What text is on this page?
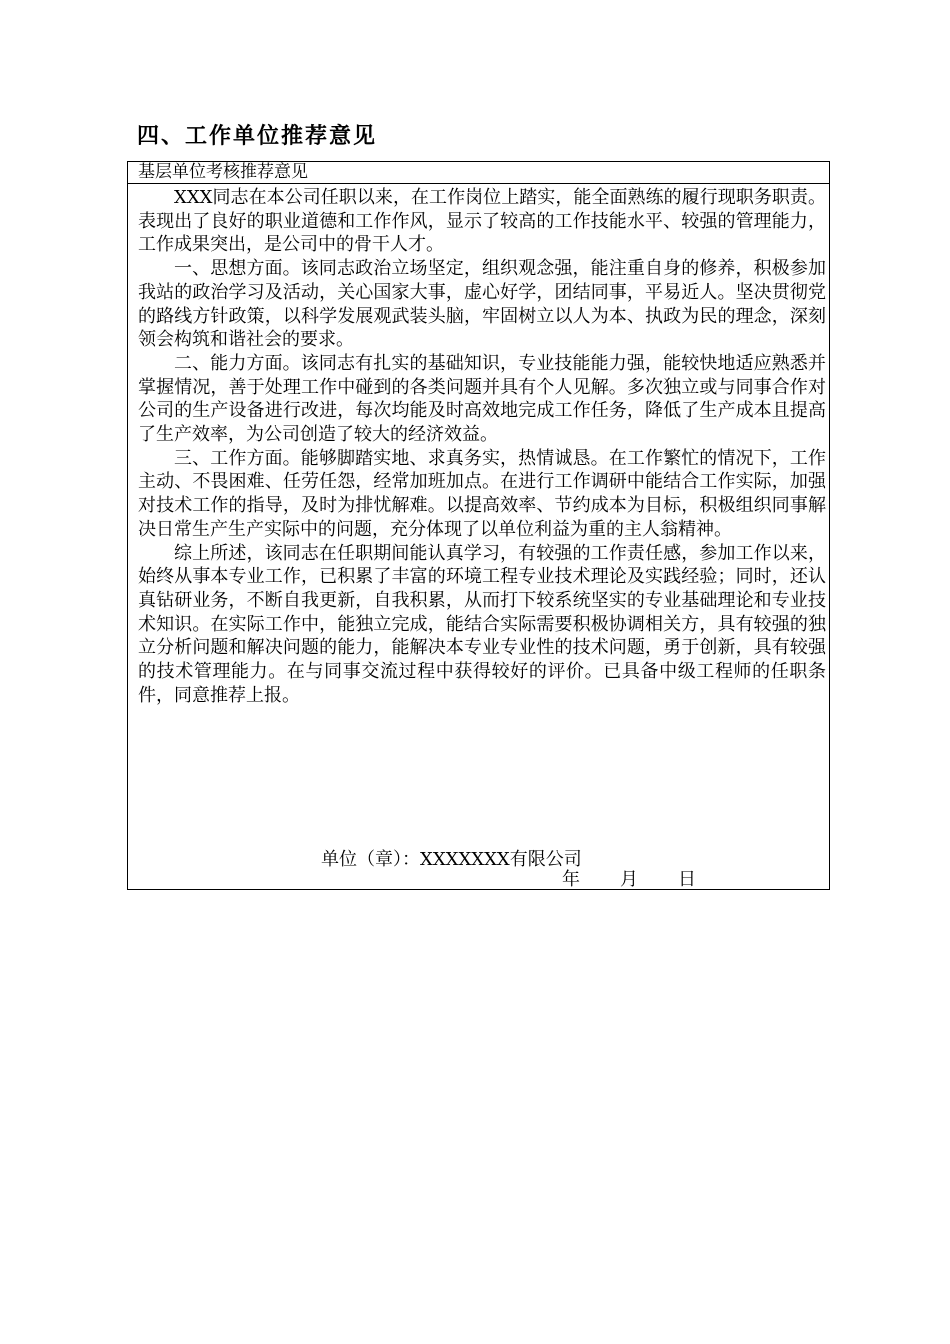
四、工作单位推荐意见
基层单位考核推荐意见

XXX同志在本公司任职以来，在工作岗位上踏实，能全面熟练的履行现职务职责。表现出了良好的职业道德和工作作风，显示了较高的工作技能水平、较强的管理能力，工作成果突出，是公司中的骨干人才。

一、思想方面。该同志政治立场坚定，组织观念强，能注重自身的修养，积极参加我站的政治学习及活动，关心国家大事，虚心好学，团结同事，平易近人。坚决贯彻党的路线方针政策，以科学发展观武装头脑，牢固树立以人为本、执政为民的理念，深刻领会构筑和谐社会的要求。

二、能力方面。该同志有扎实的基础知识，专业技能能力强，能较快地适应熟悉并掌握情况，善于处理工作中碰到的各类问题并具有个人见解。多次独立或与同事合作对公司的生产设备进行改进，每次均能及时高效地完成工作任务，降低了生产成本且提高了生产效率，为公司创造了较大的经济效益。

三、工作方面。能够脚踏实地、求真务实，热情诚恳。在工作繁忙的情况下，工作主动、不畏困难、任劳任怨，经常加班加点。在进行工作调研中能结合工作实际，加强对技术工作的指导，及时为排忧解难。以提高效率、节约成本为目标，积极组织同事解决日常生产生产实际中的问题，充分体现了以单位利益为重的主人翁精神。

综上所述，该同志在任职期间能认真学习，有较强的工作责任感，参加工作以来，始终从事本专业工作，已积累了丰富的环境工程专业技术理论及实践经验；同时，还认真钻研业务，不断自我更新，自我积累，从而打下较系统坚实的专业基础理论和专业技术知识。在实际工作中，能独立完成，能结合实际需要积极协调相关方，具有较强的独立分析问题和解决问题的能力，能解决本专业专业性的技术问题，勇于创新，具有较强的技术管理能力。在与同事交流过程中获得较好的评价。已具备中级工程师的任职条件，同意推荐上报。

单位（章）：XXXXXXX有限公司
年 月 日
